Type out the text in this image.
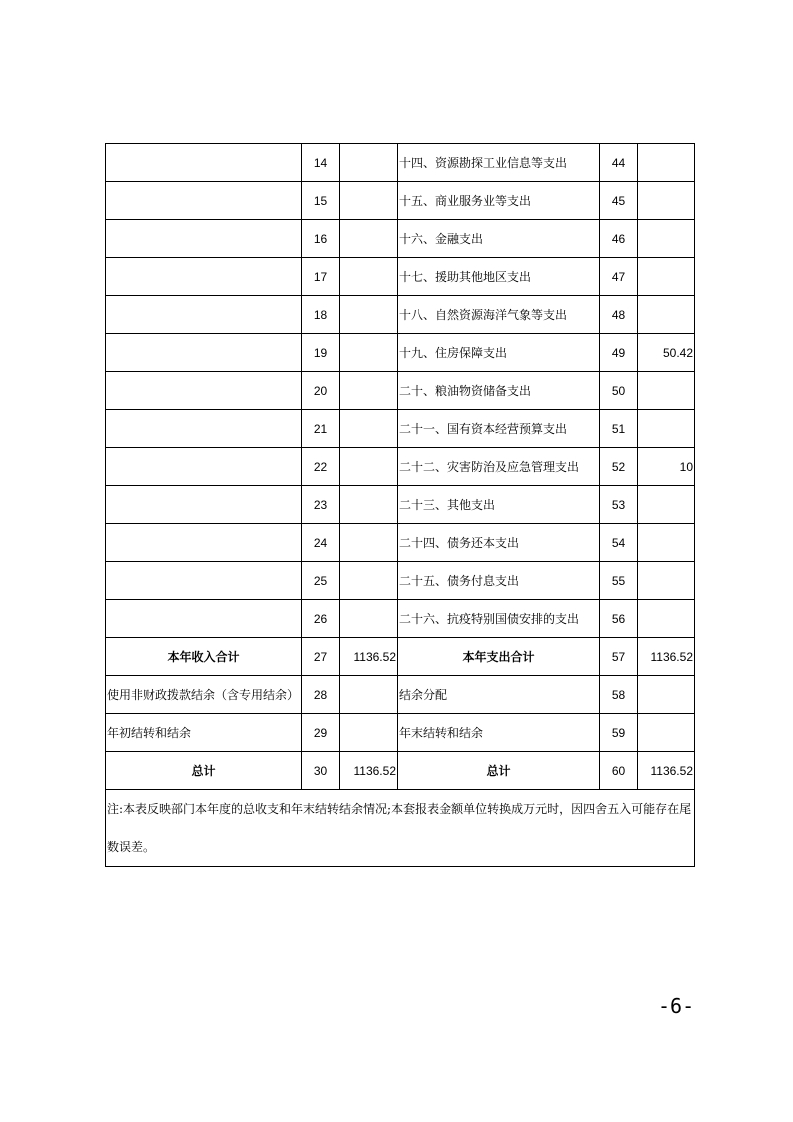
	14		十四、资源勘探工业信息等支出	44	
	15		十五、商业服务业等支出	45	
	16		十六、金融支出	46	
	17		十七、援助其他地区支出	47	
	18		十八、自然资源海洋气象等支出	48	
	19		十九、住房保障支出	49	50.42
	20		二十、粮油物资储备支出	50	
	21		二十一、国有资本经营预算支出	51	
	22		二十二、灾害防治及应急管理支出	52	10
	23		二十三、其他支出	53	
	24		二十四、债务还本支出	54	
	25		二十五、债务付息支出	55	
	26		二十六、抗疫特别国债安排的支出	56	
本年收入合计	27	1136.52	本年支出合计	57	1136.52
使用非财政拨款结余（含专用结余）	28		结余分配	58	
年初结转和结余	29		年末结转和结余	59	
总计	30	1136.52	总计	60	1136.52
注:本表反映部门本年度的总收支和年末结转结余情况;本套报表金额单位转换成万元时，因四舍五入可能存在尾数误差。					
-6-
